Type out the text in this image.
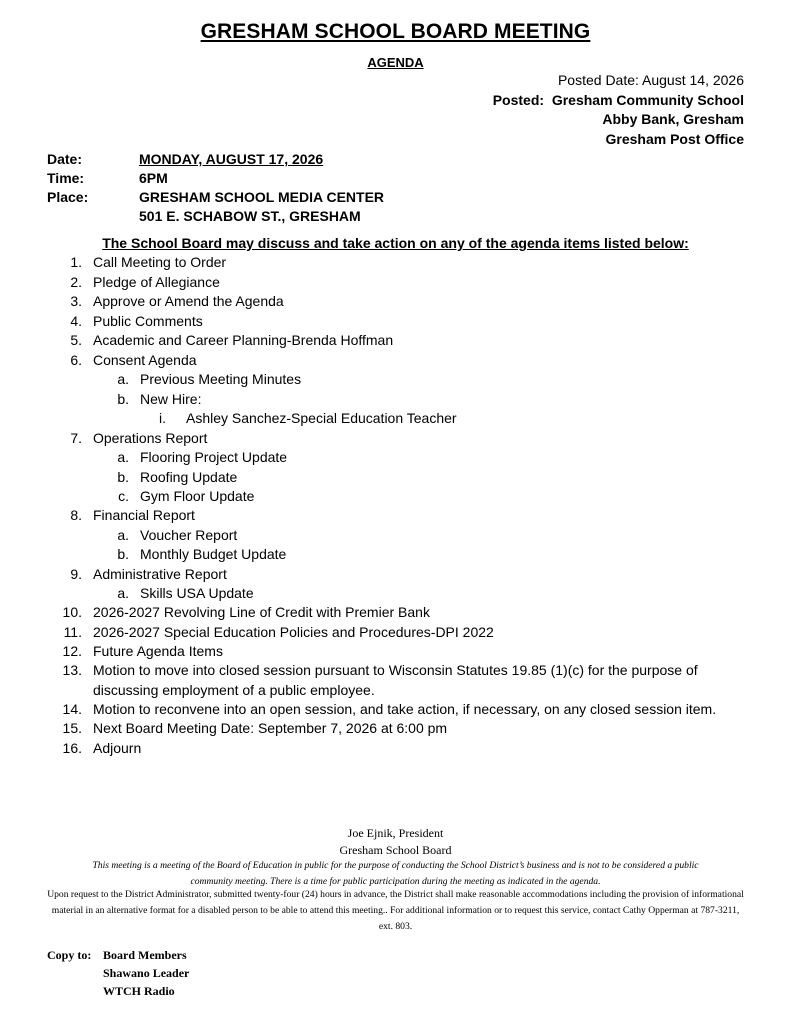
GRESHAM SCHOOL BOARD MEETING
AGENDA
Posted Date: August 14, 2026
Posted: Gresham Community School
Abby Bank, Gresham
Gresham Post Office
Date:	MONDAY, AUGUST 17, 2026
Time:	6PM
Place:	GRESHAM SCHOOL MEDIA CENTER
501 E. SCHABOW ST., GRESHAM
The School Board may discuss and take action on any of the agenda items listed below:
1. Call Meeting to Order
2. Pledge of Allegiance
3. Approve or Amend the Agenda
4. Public Comments
5. Academic and Career Planning-Brenda Hoffman
6. Consent Agenda
a. Previous Meeting Minutes
b. New Hire:
i. Ashley Sanchez-Special Education Teacher
7. Operations Report
a. Flooring Project Update
b. Roofing Update
c. Gym Floor Update
8. Financial Report
a. Voucher Report
b. Monthly Budget Update
9. Administrative Report
a. Skills USA Update
10. 2026-2027 Revolving Line of Credit with Premier Bank
11. 2026-2027 Special Education Policies and Procedures-DPI 2022
12. Future Agenda Items
13. Motion to move into closed session pursuant to Wisconsin Statutes 19.85 (1)(c) for the purpose of
discussing employment of a public employee.
14. Motion to reconvene into an open session, and take action, if necessary, on any closed session item.
15. Next Board Meeting Date: September 7, 2026 at 6:00 pm
16. Adjourn
Joe Ejnik, President
Gresham School Board
This meeting is a meeting of the Board of Education in public for the purpose of conducting the School District’s business and is not to be considered a public community meeting. There is a time for public participation during the meeting as indicated in the agenda.
Upon request to the District Administrator, submitted twenty-four (24) hours in advance, the District shall make reasonable accommodations including the provision of informational material in an alternative format for a disabled person to be able to attend this meeting.. For additional information or to request this service, contact Cathy Opperman at 787-3211, ext. 803.
Copy to: Board Members
Shawano Leader
WTCH Radio
